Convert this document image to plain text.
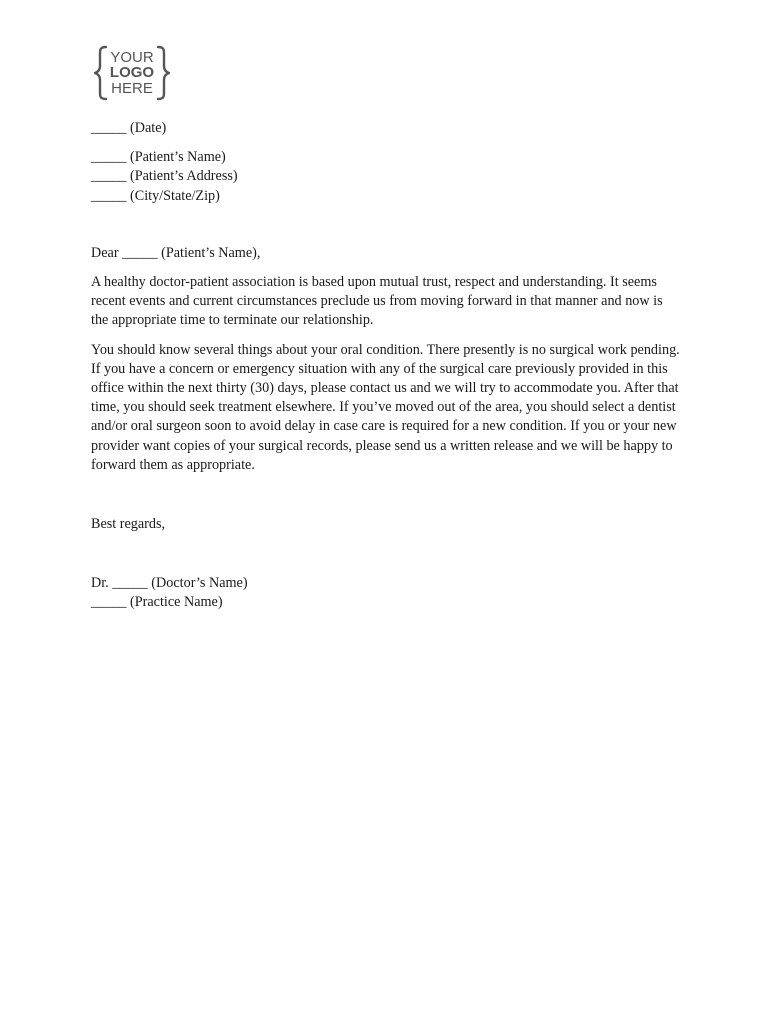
YOUR
LOGO
HERE

_____ (Date)

_____ (Patient’s Name)

_____ (Patient’s Address)

_____ (City/State/Zip)

Dear _____ (Patient’s Name),

A healthy doctor-patient association is based upon mutual trust, respect and understanding. It seems recent events and current circumstances preclude us from moving forward in that manner and now is the appropriate time to terminate our relationship.

You should know several things about your oral condition. There presently is no surgical work pending. If you have a concern or emergency situation with any of the surgical care previously provided in this office within the next thirty (30) days, please contact us and we will try to accommodate you. After that time, you should seek treatment elsewhere. If you’ve moved out of the area, you should select a dentist and/or oral surgeon soon to avoid delay in case care is required for a new condition. If you or your new provider want copies of your surgical records, please send us a written release and we will be happy to forward them as appropriate.

Best regards,

Dr. _____ (Doctor’s Name)

_____ (Practice Name)
